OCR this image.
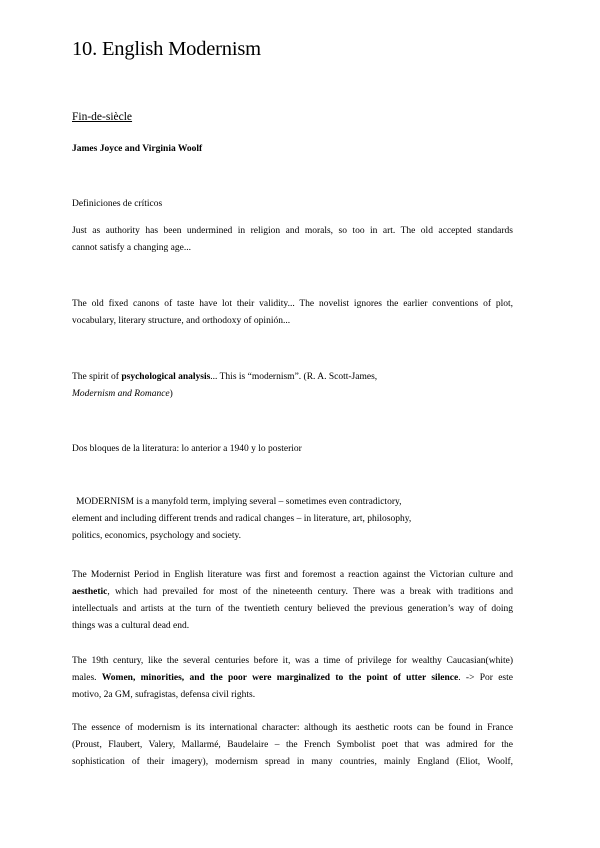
10. English Modernism
Fin-de-siècle
James Joyce and Virginia Woolf
Definiciones de críticos
Just as authority has been undermined in religion and morals, so too in art. The old accepted standards
cannot satisfy a changing age...
The old fixed canons of taste have lot their validity... The novelist ignores the earlier conventions of plot,
vocabulary, literary structure, and orthodoxy of opinión...
The spirit of psychological analysis... This is “modernism”. (R. A. Scott-James,
Modernism and Romance)
Dos bloques de la literatura: lo anterior a 1940 y lo posterior
MODERNISM is a manyfold term, implying several – sometimes even contradictory,
element and including different trends and radical changes – in literature, art, philosophy,
politics, economics, psychology and society.
The Modernist Period in English literature was first and foremost a reaction against the Victorian culture and
aesthetic, which had prevailed for most of the nineteenth century. There was a break with traditions and
intellectuals and artists at the turn of the twentieth century believed the previous generation’s way of doing
things was a cultural dead end.
The 19th century, like the several centuries before it, was a time of privilege for wealthy Caucasian(white)
males. Women, minorities, and the poor were marginalized to the point of utter silence. -> Por este
motivo, 2a GM, sufragistas, defensa civil rights.
The essence of modernism is its international character: although its aesthetic roots can be found in France
(Proust, Flaubert, Valery, Mallarmé, Baudelaire – the French Symbolist poet that was admired for the
sophistication of their imagery), modernism spread in many countries, mainly England (Eliot, Woolf,
